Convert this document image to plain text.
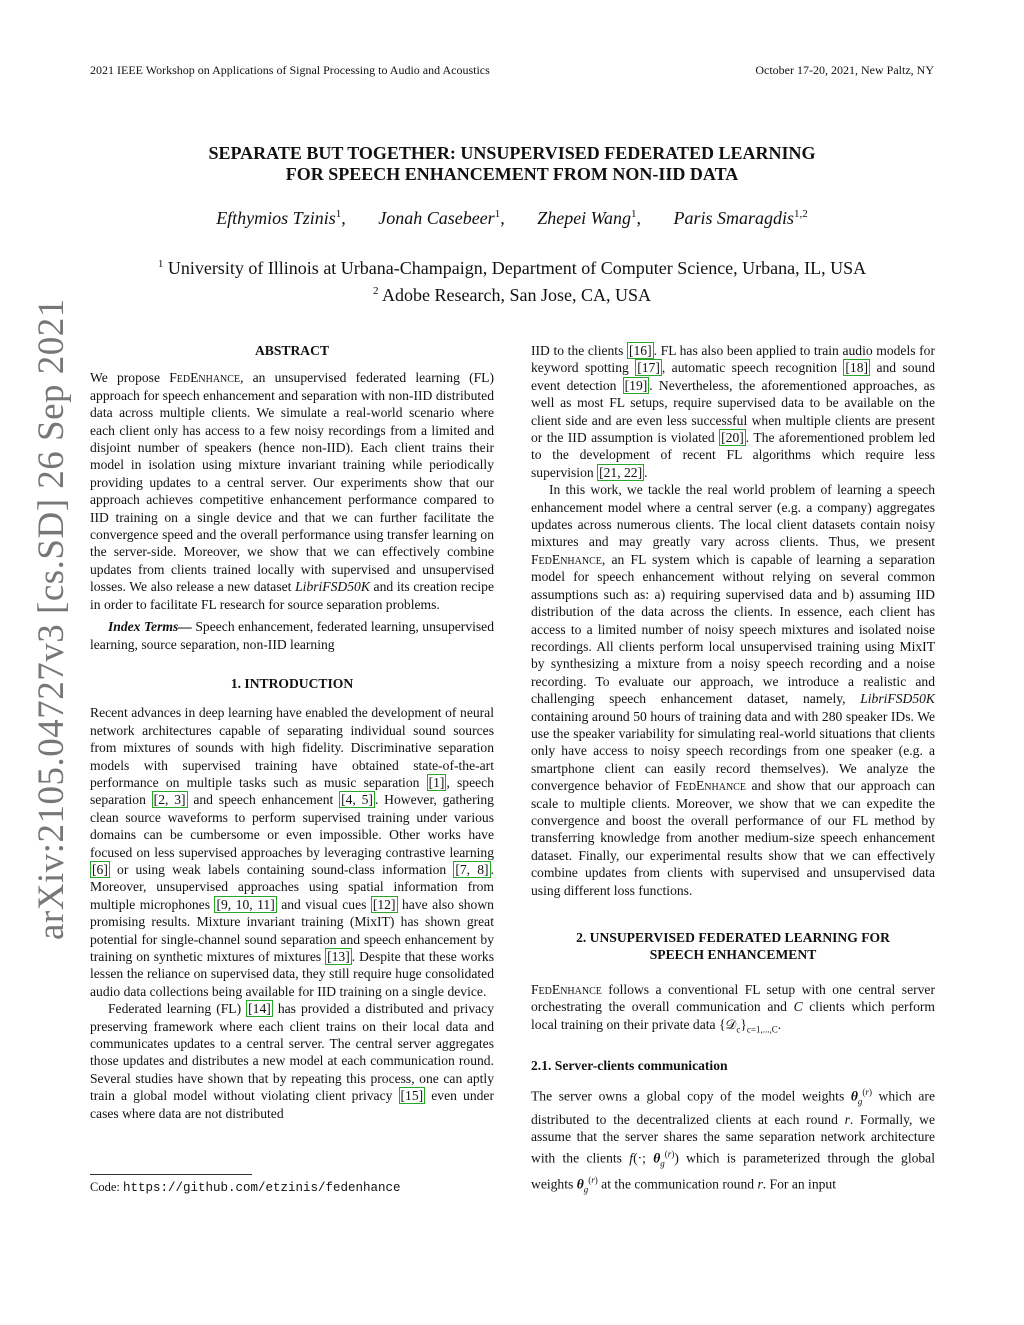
2021 IEEE Workshop on Applications of Signal Processing to Audio and Acoustics	October 17-20, 2021, New Paltz, NY
SEPARATE BUT TOGETHER: UNSUPERVISED FEDERATED LEARNING
FOR SPEECH ENHANCEMENT FROM NON-IID DATA
Efthymios Tzinis$^1$, Jonah Casebeer$^1$, Zhepei Wang$^1$, Paris Smaragdis$^{1,2}$
$^1$ University of Illinois at Urbana-Champaign, Department of Computer Science, Urbana, IL, USA
$^2$ Adobe Research, San Jose, CA, USA
arXiv:2105.04727v3 [cs.SD] 26 Sep 2021	ABSTRACT

We propose FedEnhance, an unsupervised federated learning (FL) approach for speech enhancement and separation with non-IID distributed data across multiple clients. We simulate a real-world scenario where each client only has access to a few noisy recordings from a limited and disjoint number of speakers (hence non-IID). Each client trains their model in isolation using mixture invariant training while periodically providing updates to a central server. Our experiments show that our approach achieves competitive enhancement performance compared to IID training on a single device and that we can further facilitate the convergence speed and the overall performance using transfer learning on the server-side. Moreover, we show that we can effectively combine updates from clients trained locally with supervised and unsupervised losses. We also release a new dataset LibriFSD50K and its creation recipe in order to facilitate FL research for source separation problems.

Index Terms— Speech enhancement, federated learning, unsupervised learning, source separation, non-IID learning

1. INTRODUCTION

Recent advances in deep learning have enabled the development of neural network architectures capable of separating individual sound sources from mixtures of sounds with high fidelity. Discriminative separation models with supervised training have obtained state-of-the-art performance on multiple tasks such as music separation [1] , speech separation [2, 3] and speech enhancement [4, 5] . However, gathering clean source waveforms to perform supervised training under various domains can be cumbersome or even impossible. Other works have focused on less supervised approaches by leveraging contrastive learning [6] or using weak labels containing sound-class information [7, 8] . Moreover, unsupervised approaches using spatial information from multiple microphones [9, 10, 11] and visual cues [12] have also shown promising results. Mixture invariant training (MixIT) has shown great potential for single-channel sound separation and speech enhancement by training on synthetic mixtures of mixtures [13] . Despite that these works lessen the reliance on supervised data, they still require huge consolidated audio data collections being available for IID training on a single device.

Federated learning (FL) [14] has provided a distributed and privacy preserving framework where each client trains on their local data and communicates updates to a central server. The central server aggregates those updates and distributes a new model at each communication round. Several studies have shown that by repeating this process, one can aptly train a global model without violating client privacy [15] even under cases where data are not distributed

Code: https://github.com/etzinis/fedenhance

IID to the clients [16] . FL has also been applied to train audio models for keyword spotting [17] , automatic speech recognition [18] and sound event detection [19] . Nevertheless, the aforementioned approaches, as well as most FL setups, require supervised data to be available on the client side and are even less successful when multiple clients are present or the IID assumption is violated [20] . The aforementioned problem led to the development of recent FL algorithms which require less supervision [21, 22] .

In this work, we tackle the real world problem of learning a speech enhancement model where a central server (e.g. a company) aggregates updates across numerous clients. The local client datasets contain noisy mixtures and may greatly vary across clients. Thus, we present FedEnhance, an FL system which is capable of learning a separation model for speech enhancement without relying on several common assumptions such as: a) requiring supervised data and b) assuming IID distribution of the data across the clients. In essence, each client has access to a limited number of noisy speech mixtures and isolated noise recordings. All clients perform local unsupervised training using MixIT by synthesizing a mixture from a noisy speech recording and a noise recording. To evaluate our approach, we introduce a realistic and challenging speech enhancement dataset, namely, LibriFSD50K containing around 50 hours of training data and with 280 speaker IDs. We use the speaker variability for simulating real-world situations that clients only have access to noisy speech recordings from one speaker (e.g. a smartphone client can easily record themselves). We analyze the convergence behavior of FedEnhance and show that our approach can scale to multiple clients. Moreover, we show that we can expedite the convergence and boost the overall performance of our FL method by transferring knowledge from another medium-size speech enhancement dataset. Finally, our experimental results show that we can effectively combine updates from clients with supervised and unsupervised data using different loss functions.

2. UNSUPERVISED FEDERATED LEARNING FOR
SPEECH ENHANCEMENT

FedEnhance follows a conventional FL setup with one central server orchestrating the overall communication and C clients which perform local training on their private data $\{𝒟_c\}_{c=1,...,C}$.

2.1. Server-clients communication

The server owns a global copy of the model weights $\theta_g^{(r)}$ which are distributed to the decentralized clients at each round r. Formally, we assume that the server shares the same separation network architecture with the clients f(·; $\theta_g^{(r)}$) which is parameterized through the global weights $\theta_g^{(r)}$ at the communication round r. For an input
